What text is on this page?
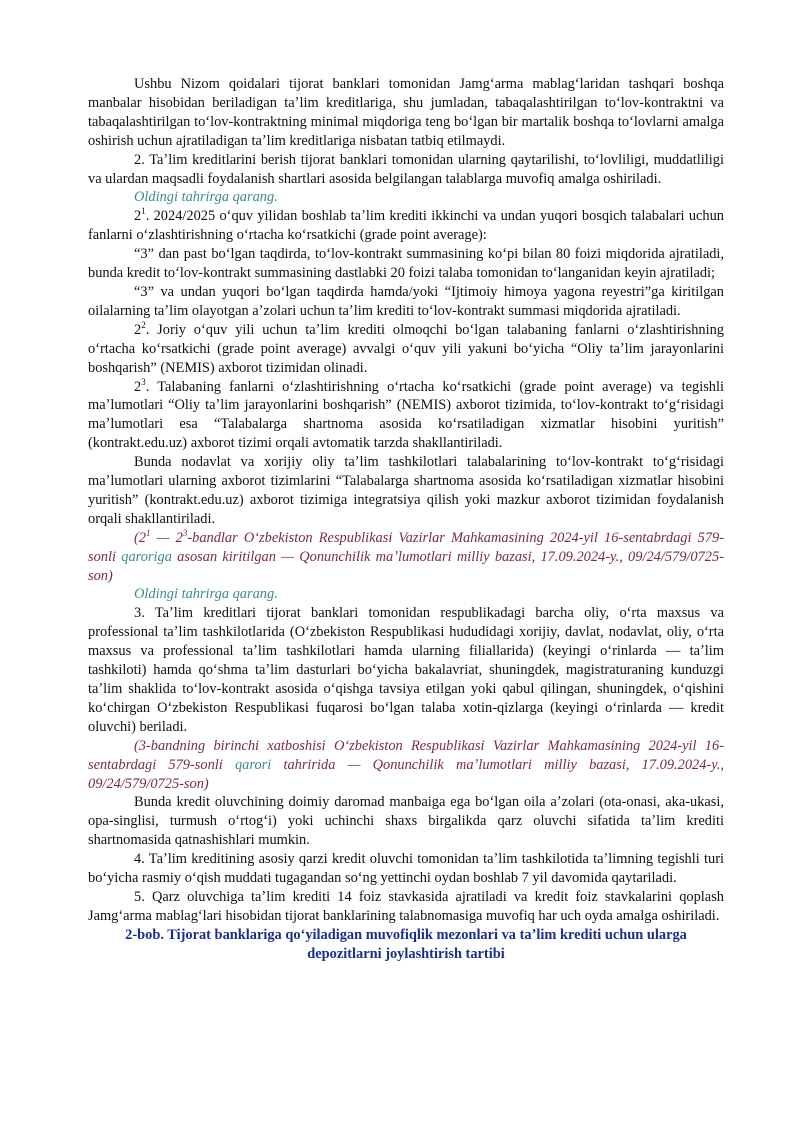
Ushbu Nizom qoidalari tijorat banklari tomonidan Jamgʻarma mablagʻlaridan tashqari boshqa manbalar hisobidan beriladigan taʼlim kreditlariga, shu jumladan, tabaqalashtirilgan toʻlov-kontraktni va tabaqalashtirilgan toʻlov-kontraktning minimal miqdoriga teng boʻlgan bir martalik boshqa toʻlovlarni amalga oshirish uchun ajratiladigan taʼlim kreditlariga nisbatan tatbiq etilmaydi.

2. Taʼlim kreditlarini berish tijorat banklari tomonidan ularning qaytarilishi, toʻlovliligi, muddatliligi va ulardan maqsadli foydalanish shartlari asosida belgilangan talablarga muvofiq amalga oshiriladi.

Oldingi tahrirga qarang.

$2^1$. 2024/2025 oʻquv yilidan boshlab taʼlim krediti ikkinchi va undan yuqori bosqich talabalari uchun fanlarni oʻzlashtirishning oʻrtacha koʻrsatkichi (grade point average):

“3” dan past boʻlgan taqdirda, toʻlov-kontrakt summasining koʻpi bilan 80 foizi miqdorida ajratiladi, bunda kredit toʻlov-kontrakt summasining dastlabki 20 foizi talaba tomonidan toʻlanganidan keyin ajratiladi;

“3” va undan yuqori boʻlgan taqdirda hamda/yoki “Ijtimoiy himoya yagona reyestri”ga kiritilgan oilalarning taʼlim olayotgan aʼzolari uchun taʼlim krediti toʻlov-kontrakt summasi miqdorida ajratiladi.

$2^2$. Joriy oʻquv yili uchun taʼlim krediti olmoqchi boʻlgan talabaning fanlarni oʻzlashtirishning oʻrtacha koʻrsatkichi (grade point average) avvalgi oʻquv yili yakuni boʻyicha “Oliy taʼlim jarayonlarini boshqarish” (NEMIS) axborot tizimidan olinadi.

$2^3$. Talabaning fanlarni oʻzlashtirishning oʻrtacha koʻrsatkichi (grade point average) va tegishli maʼlumotlari “Oliy taʼlim jarayonlarini boshqarish” (NEMIS) axborot tizimida, toʻlov-kontrakt toʻgʻrisidagi maʼlumotlari esa “Talabalarga shartnoma asosida koʻrsatiladigan xizmatlar hisobini yuritish” (kontrakt.edu.uz) axborot tizimi orqali avtomatik tarzda shakllantiriladi.

Bunda nodavlat va xorijiy oliy taʼlim tashkilotlari talabalarining toʻlov-kontrakt toʻgʻrisidagi maʼlumotlari ularning axborot tizimlarini “Talabalarga shartnoma asosida koʻrsatiladigan xizmatlar hisobini yuritish” (kontrakt.edu.uz) axborot tizimiga integratsiya qilish yoki mazkur axborot tizimidan foydalanish orqali shakllantiriladi.

($2^1$ — $2^3$-bandlar Oʻzbekiston Respublikasi Vazirlar Mahkamasining 2024-yil 16-sentabrdagi 579-sonli qaroriga asosan kiritilgan — Qonunchilik maʼlumotlari milliy bazasi, 17.09.2024-y., 09/24/579/0725-son)

Oldingi tahrirga qarang.

3. Taʼlim kreditlari tijorat banklari tomonidan respublikadagi barcha oliy, oʻrta maxsus va professional taʼlim tashkilotlarida (Oʻzbekiston Respublikasi hududidagi xorijiy, davlat, nodavlat, oliy, oʻrta maxsus va professional taʼlim tashkilotlari hamda ularning filiallarida) (keyingi oʻrinlarda — taʼlim tashkiloti) hamda qoʻshma taʼlim dasturlari boʻyicha bakalavriat, shuningdek, magistraturaning kunduzgi taʼlim shaklida toʻlov-kontrakt asosida oʻqishga tavsiya etilgan yoki qabul qilingan, shuningdek, oʻqishini koʻchirgan Oʻzbekiston Respublikasi fuqarosi boʻlgan talaba xotin-qizlarga (keyingi oʻrinlarda — kredit oluvchi) beriladi.

(3-bandning birinchi xatboshisi Oʻzbekiston Respublikasi Vazirlar Mahkamasining 2024-yil 16-sentabrdagi 579-sonli qarori tahririda — Qonunchilik maʼlumotlari milliy bazasi, 17.09.2024-y., 09/24/579/0725-son)

Bunda kredit oluvchining doimiy daromad manbaiga ega boʻlgan oila aʼzolari (ota-onasi, aka-ukasi, opa-singlisi, turmush oʻrtogʻi) yoki uchinchi shaxs birgalikda qarz oluvchi sifatida taʼlim krediti shartnomasida qatnashishlari mumkin.

4. Taʼlim kreditining asosiy qarzi kredit oluvchi tomonidan taʼlim tashkilotida taʼlimning tegishli turi boʻyicha rasmiy oʻqish muddati tugagandan soʻng yettinchi oydan boshlab 7 yil davomida qaytariladi.

5. Qarz oluvchiga taʼlim krediti 14 foiz stavkasida ajratiladi va kredit foiz stavkalarini qoplash Jamgʻarma mablagʻlari hisobidan tijorat banklarining talabnomasiga muvofiq har uch oyda amalga oshiriladi.

2-bob. Tijorat banklariga qoʻyiladigan muvofiqlik mezonlari va taʼlim krediti uchun ularga depozitlarni joylashtirish tartibi
